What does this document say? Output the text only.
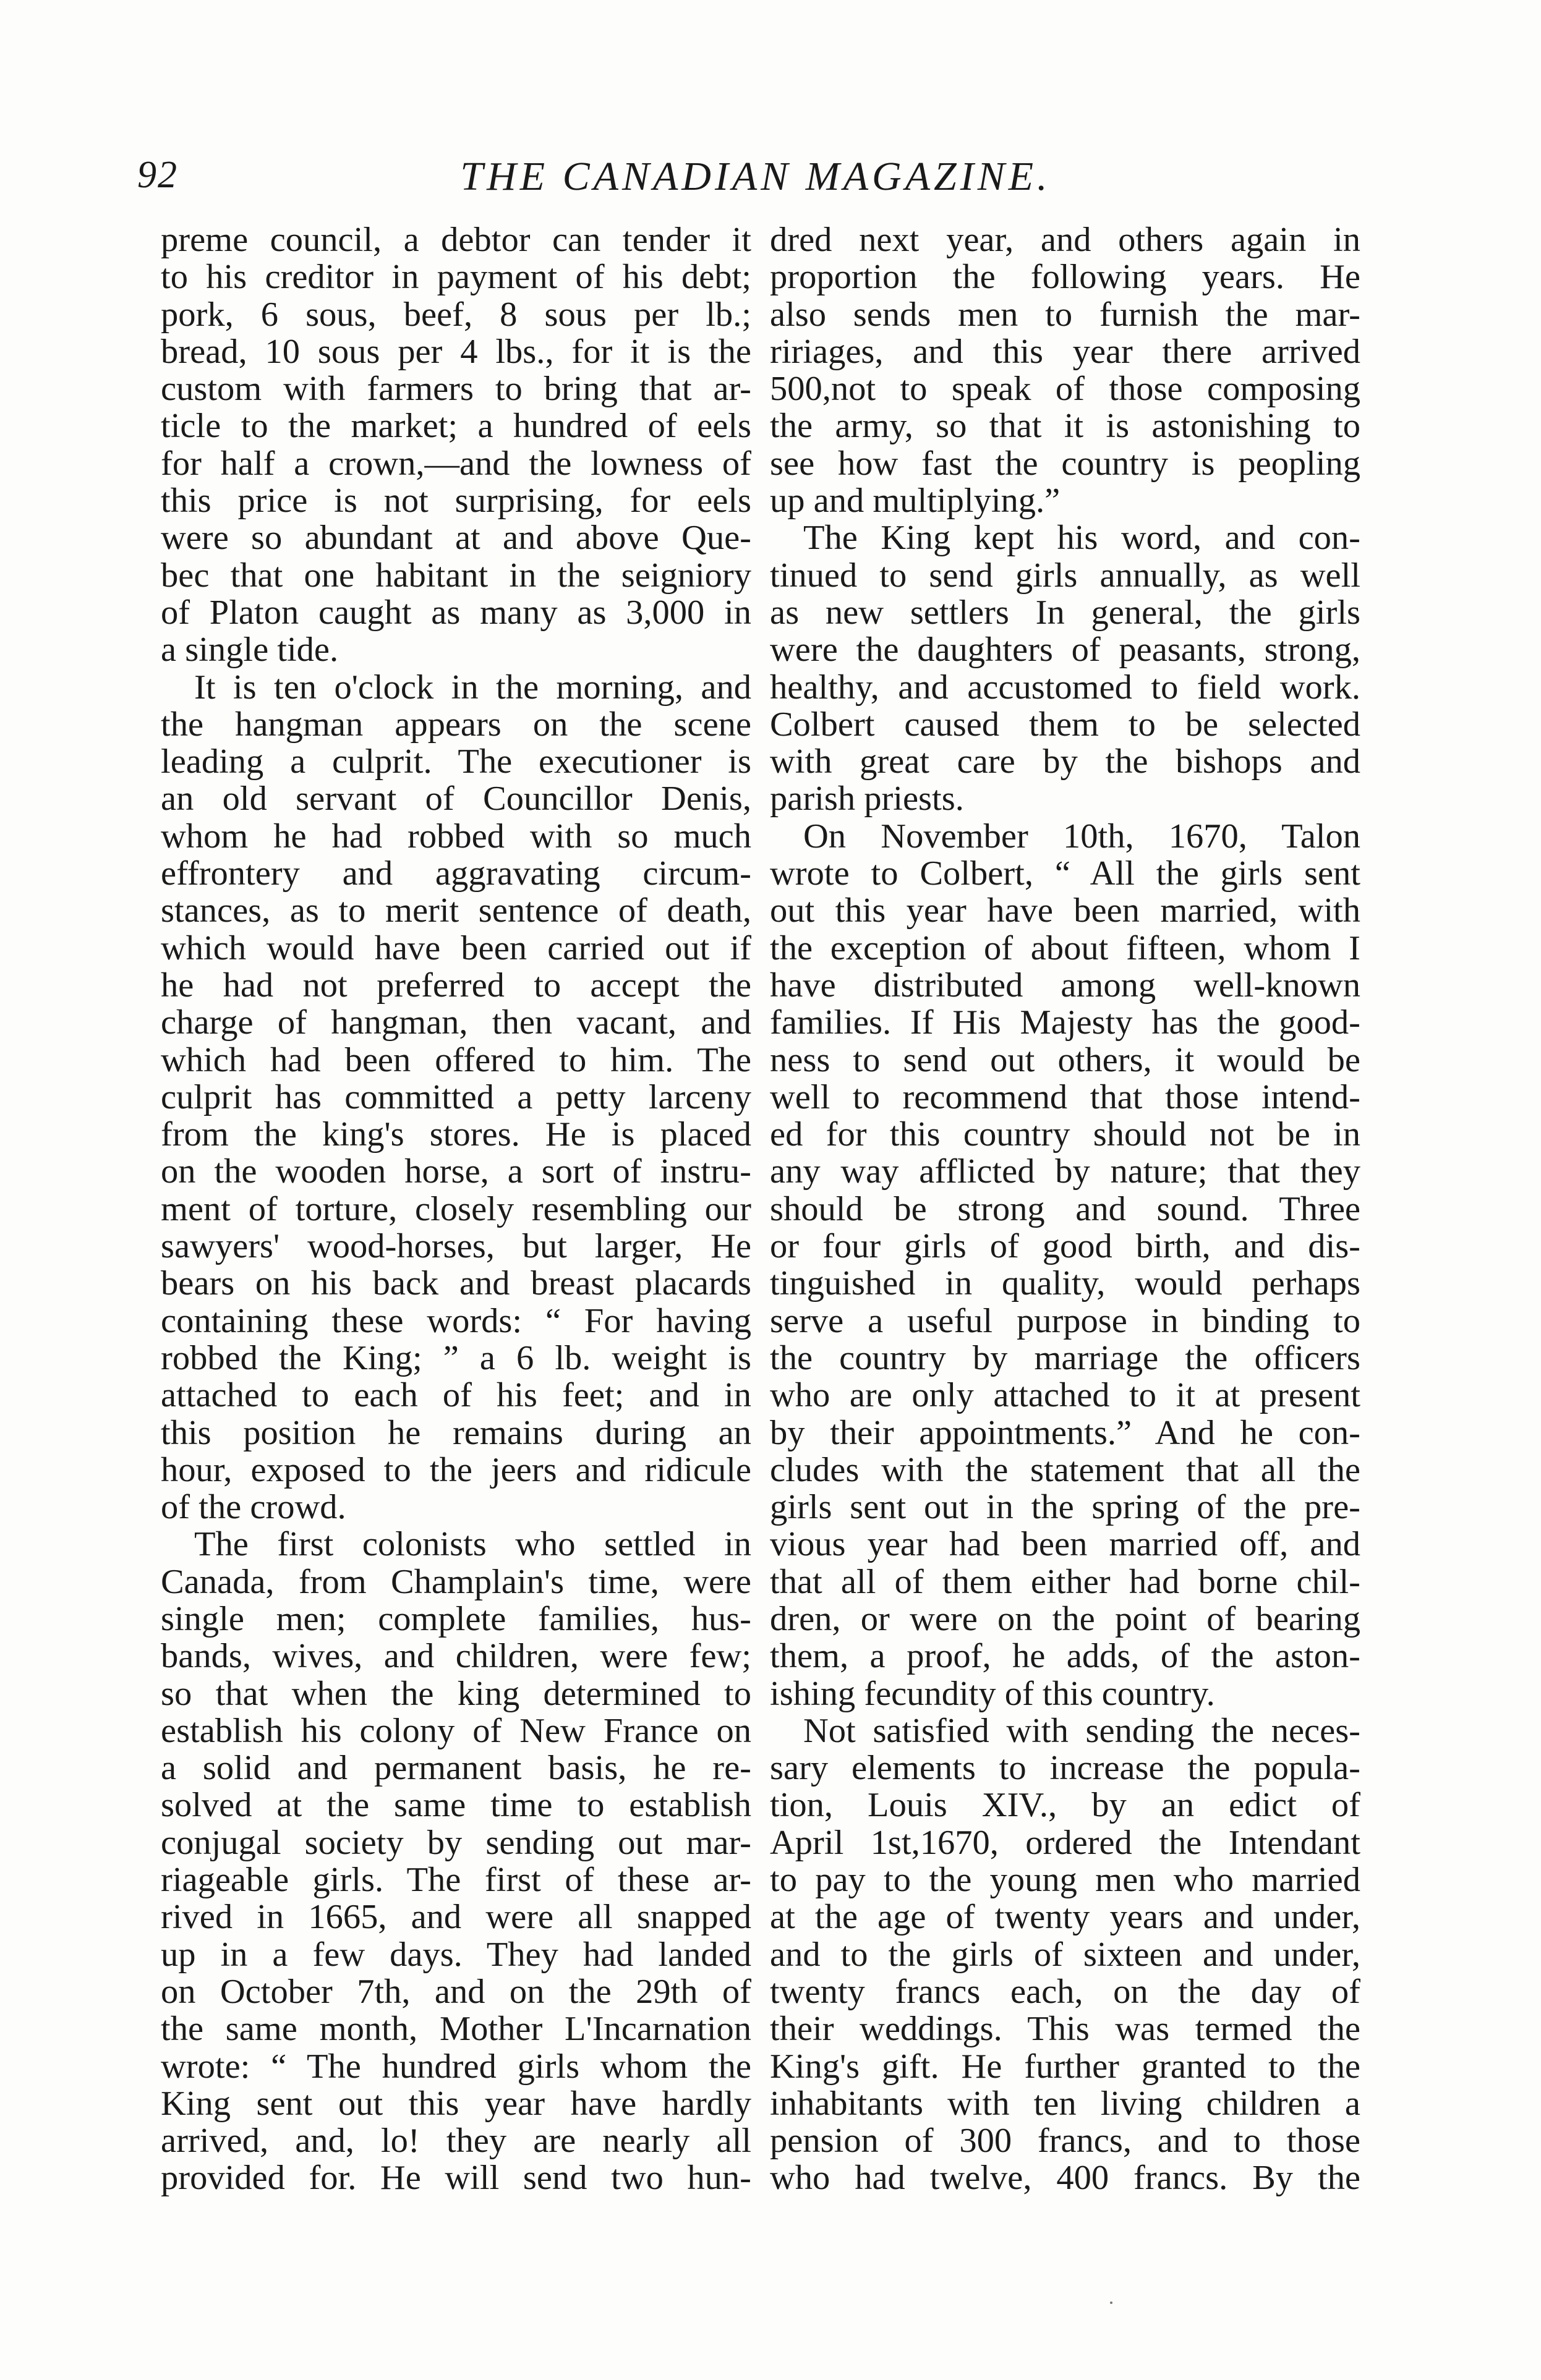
92	THE CANADIAN MAGAZINE.
preme council, a debtor can tender it
to his creditor in payment of his debt;
pork, 6 sous, beef, 8 sous per lb.;
bread, 10 sous per 4 lbs., for it is the
custom with farmers to bring that ar-
ticle to the market; a hundred of eels
for half a crown,—and the lowness of
this price is not surprising, for eels
were so abundant at and above Que-
bec that one habitant in the seigniory
of Platon caught as many as 3,000 in
a single tide.
It is ten o'clock in the morning, and
the hangman appears on the scene
leading a culprit. The executioner is
an old servant of Councillor Denis,
whom he had robbed with so much
effrontery and aggravating circum-
stances, as to merit sentence of death,
which would have been carried out if
he had not preferred to accept the
charge of hangman, then vacant, and
which had been offered to him. The
culprit has committed a petty larceny
from the king's stores. He is placed
on the wooden horse, a sort of instru-
ment of torture, closely resembling our
sawyers' wood-horses, but larger, He
bears on his back and breast placards
containing these words: “ For having
robbed the King; ” a 6 lb. weight is
attached to each of his feet; and in
this position he remains during an
hour, exposed to the jeers and ridicule
of the crowd.
The first colonists who settled in
Canada, from Champlain's time, were
single men; complete families, hus-
bands, wives, and children, were few;
so that when the king determined to
establish his colony of New France on
a solid and permanent basis, he re-
solved at the same time to establish
conjugal society by sending out mar-
riageable girls. The first of these ar-
rived in 1665, and were all snapped
up in a few days. They had landed
on October 7th, and on the 29th of
the same month, Mother L'Incarnation
wrote: “ The hundred girls whom the
King sent out this year have hardly
arrived, and, lo! they are nearly all
provided for. He will send two hun-
dred next year, and others again in
proportion the following years. He
also sends men to furnish the mar-
ririages, and this year there arrived
500,not to speak of those composing
the army, so that it is astonishing to
see how fast the country is peopling
up and multiplying.”
The King kept his word, and con-
tinued to send girls annually, as well
as new settlers In general, the girls
were the daughters of peasants, strong,
healthy, and accustomed to field work.
Colbert caused them to be selected
with great care by the bishops and
parish priests.
On November 10th, 1670, Talon
wrote to Colbert, “ All the girls sent
out this year have been married, with
the exception of about fifteen, whom I
have distributed among well-known
families. If His Majesty has the good-
ness to send out others, it would be
well to recommend that those intend-
ed for this country should not be in
any way afflicted by nature; that they
should be strong and sound. Three
or four girls of good birth, and dis-
tinguished in quality, would perhaps
serve a useful purpose in binding to
the country by marriage the officers
who are only attached to it at present
by their appointments.” And he con-
cludes with the statement that all the
girls sent out in the spring of the pre-
vious year had been married off, and
that all of them either had borne chil-
dren, or were on the point of bearing
them, a proof, he adds, of the aston-
ishing fecundity of this country.
Not satisfied with sending the neces-
sary elements to increase the popula-
tion, Louis XIV., by an edict of
April 1st,1670, ordered the Intendant
to pay to the young men who married
at the age of twenty years and under,
and to the girls of sixteen and under,
twenty francs each, on the day of
their weddings. This was termed the
King's gift. He further granted to the
inhabitants with ten living children a
pension of 300 francs, and to those
who had twelve, 400 francs. By the
